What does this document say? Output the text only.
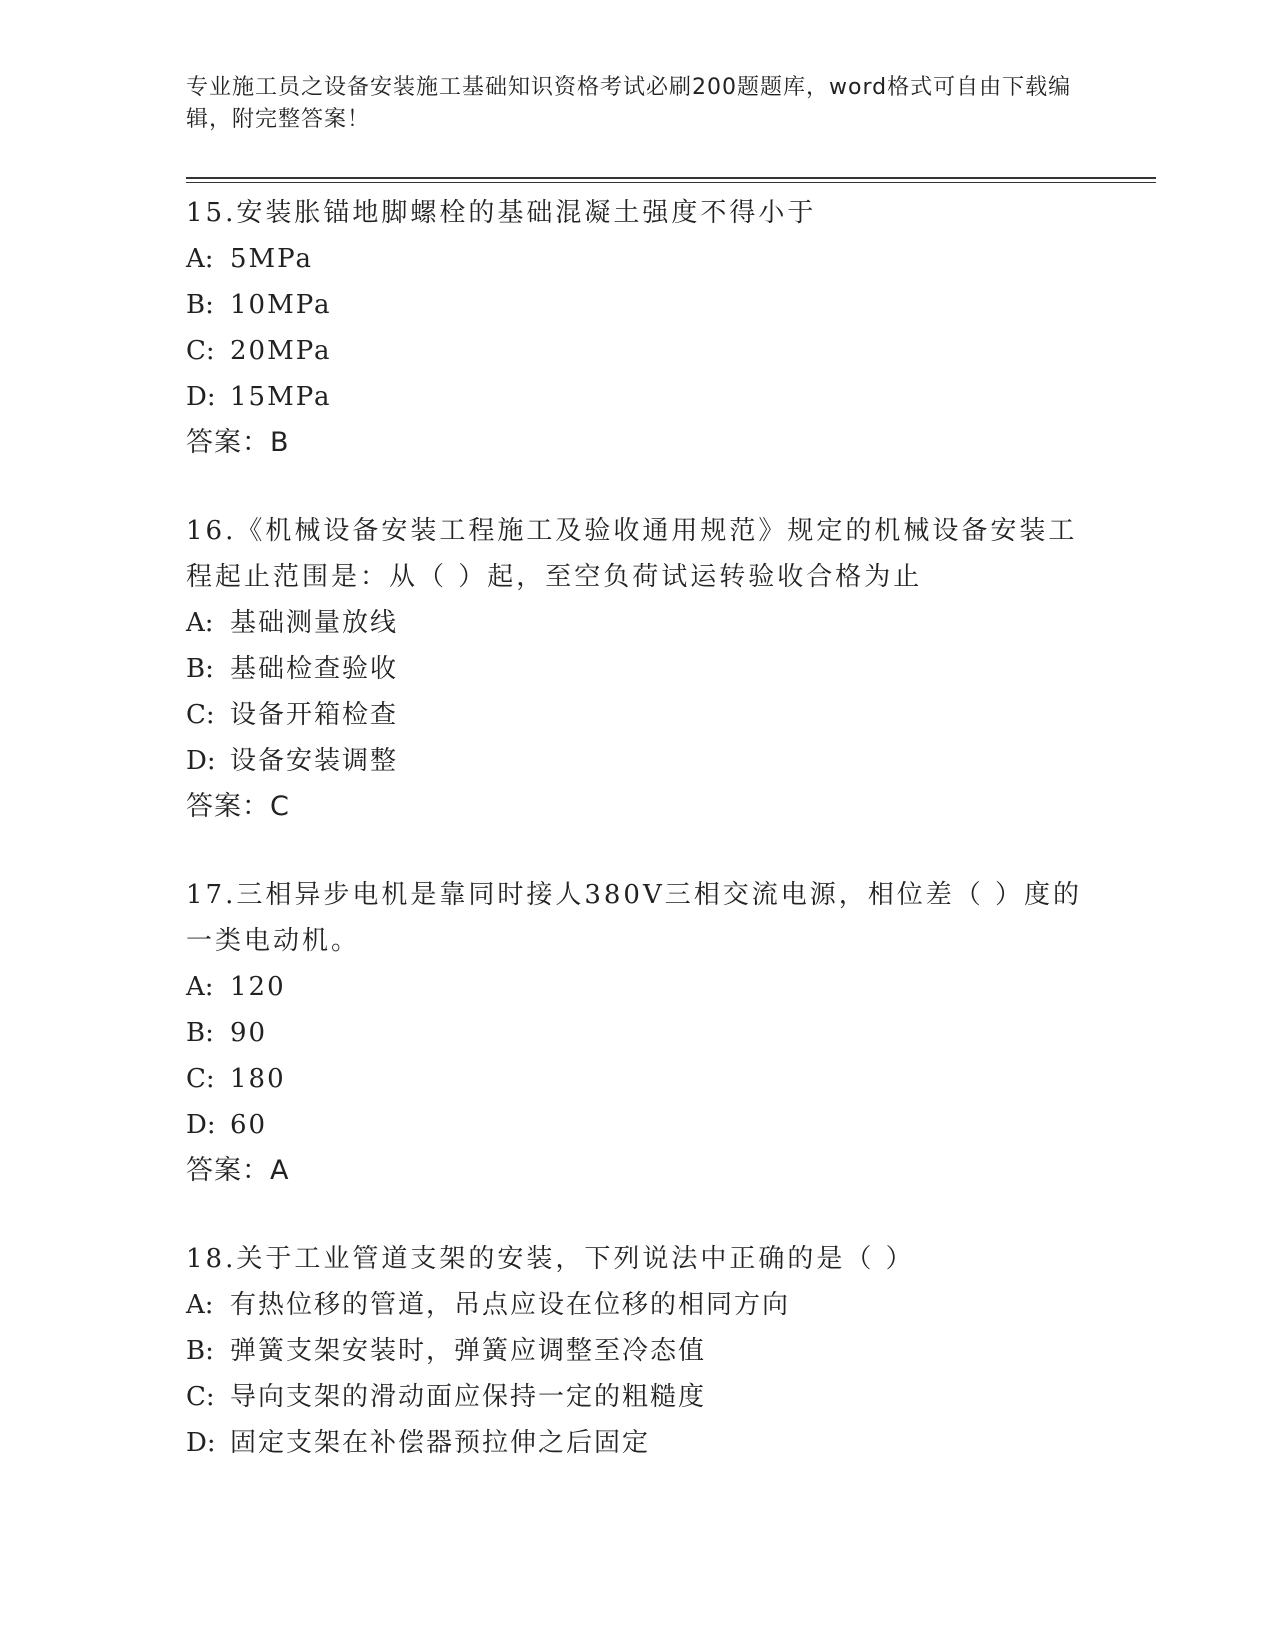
专业施工员之设备安装施工基础知识资格考试必刷200题题库，word格式可自由下载编辑，附完整答案！
15.安装胀锚地脚螺栓的基础混凝土强度不得小于
A: 5MPa
B: 10MPa
C: 20MPa
D: 15MPa
答案：B
16.《机械设备安装工程施工及验收通用规范》规定的机械设备安装工程起止范围是：从（ ）起，至空负荷试运转验收合格为止
A: 基础测量放线
B: 基础检查验收
C: 设备开箱检查
D: 设备安装调整
答案：C
17.三相异步电机是靠同时接人380V三相交流电源，相位差（ ）度的一类电动机。
A: 120
B: 90
C: 180
D: 60
答案：A
18.关于工业管道支架的安装，下列说法中正确的是（ ）
A: 有热位移的管道，吊点应设在位移的相同方向
B: 弹簧支架安装时，弹簧应调整至冷态值
C: 导向支架的滑动面应保持一定的粗糙度
D: 固定支架在补偿器预拉伸之后固定
